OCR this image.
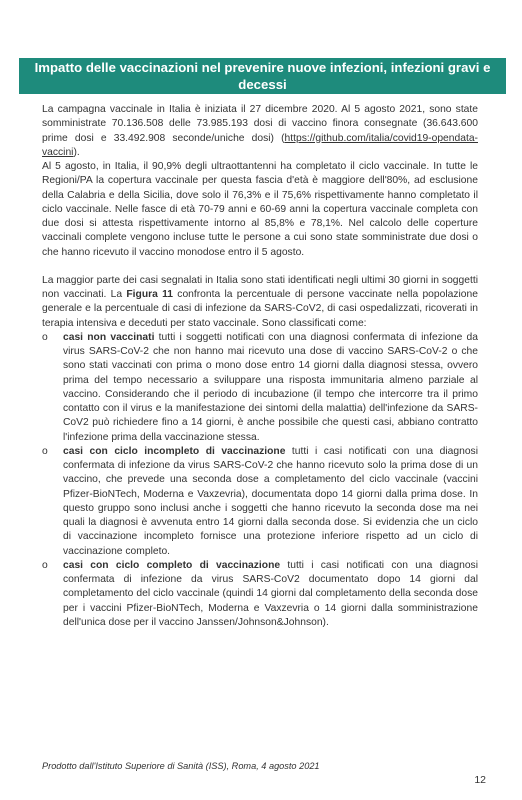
Impatto delle vaccinazioni nel prevenire nuove infezioni, infezioni gravi e
decessi

La campagna vaccinale in Italia è iniziata il 27 dicembre 2020. Al 5 agosto 2021, sono state somministrate 70.136.508 delle 73.985.193 dosi di vaccino finora consegnate (36.643.600 prime dosi e 33.492.908 seconde/uniche dosi) (https://github.com/italia/covid19-opendata-vaccini).

Al 5 agosto, in Italia, il 90,9% degli ultraottantenni ha completato il ciclo vaccinale. In tutte le Regioni/PA la copertura vaccinale per questa fascia d'età è maggiore dell'80%, ad esclusione della Calabria e della Sicilia, dove solo il 76,3% e il 75,6% rispettivamente hanno completato il ciclo vaccinale. Nelle fasce di età 70-79 anni e 60-69 anni la copertura vaccinale completa con due dosi si attesta rispettivamente intorno al 85,8% e 78,1%. Nel calcolo delle coperture vaccinali complete vengono incluse tutte le persone a cui sono state somministrate due dosi o che hanno ricevuto il vaccino monodose entro il 5 agosto.

La maggior parte dei casi segnalati in Italia sono stati identificati negli ultimi 30 giorni in soggetti non vaccinati. La Figura 11 confronta la percentuale di persone vaccinate nella popolazione generale e la percentuale di casi di infezione da SARS-CoV2, di casi ospedalizzati, ricoverati in terapia intensiva e deceduti per stato vaccinale. Sono classificati come:

o	casi non vaccinati tutti i soggetti notificati con una diagnosi confermata di infezione da virus SARS-CoV-2 che non hanno mai ricevuto una dose di vaccino SARS-CoV-2 o che sono stati vaccinati con prima o mono dose entro 14 giorni dalla diagnosi stessa, ovvero prima del tempo necessario a sviluppare una risposta immunitaria almeno parziale al vaccino. Considerando che il periodo di incubazione (il tempo che intercorre tra il primo contatto con il virus e la manifestazione dei sintomi della malattia) dell'infezione da SARS-CoV2 può richiedere fino a 14 giorni, è anche possibile che questi casi, abbiano contratto l'infezione prima della vaccinazione stessa.
o	casi con ciclo incompleto di vaccinazione tutti i casi notificati con una diagnosi confermata di infezione da virus SARS-CoV-2 che hanno ricevuto solo la prima dose di un vaccino, che prevede una seconda dose a completamento del ciclo vaccinale (vaccini Pfizer-BioNTech, Moderna e Vaxzevria), documentata dopo 14 giorni dalla prima dose. In questo gruppo sono inclusi anche i soggetti che hanno ricevuto la seconda dose ma nei quali la diagnosi è avvenuta entro 14 giorni dalla seconda dose. Si evidenzia che un ciclo di vaccinazione incompleto fornisce una protezione inferiore rispetto ad un ciclo di vaccinazione completo.
o	casi con ciclo completo di vaccinazione tutti i casi notificati con una diagnosi confermata di infezione da virus SARS-CoV2 documentato dopo 14 giorni dal completamento del ciclo vaccinale (quindi 14 giorni dal completamento della seconda dose per i vaccini Pfizer-BioNTech, Moderna e Vaxzevria o 14 giorni dalla somministrazione dell'unica dose per il vaccino Janssen/Johnson&Johnson).
Prodotto dall'Istituto Superiore di Sanità (ISS), Roma, 4 agosto 2021
12
